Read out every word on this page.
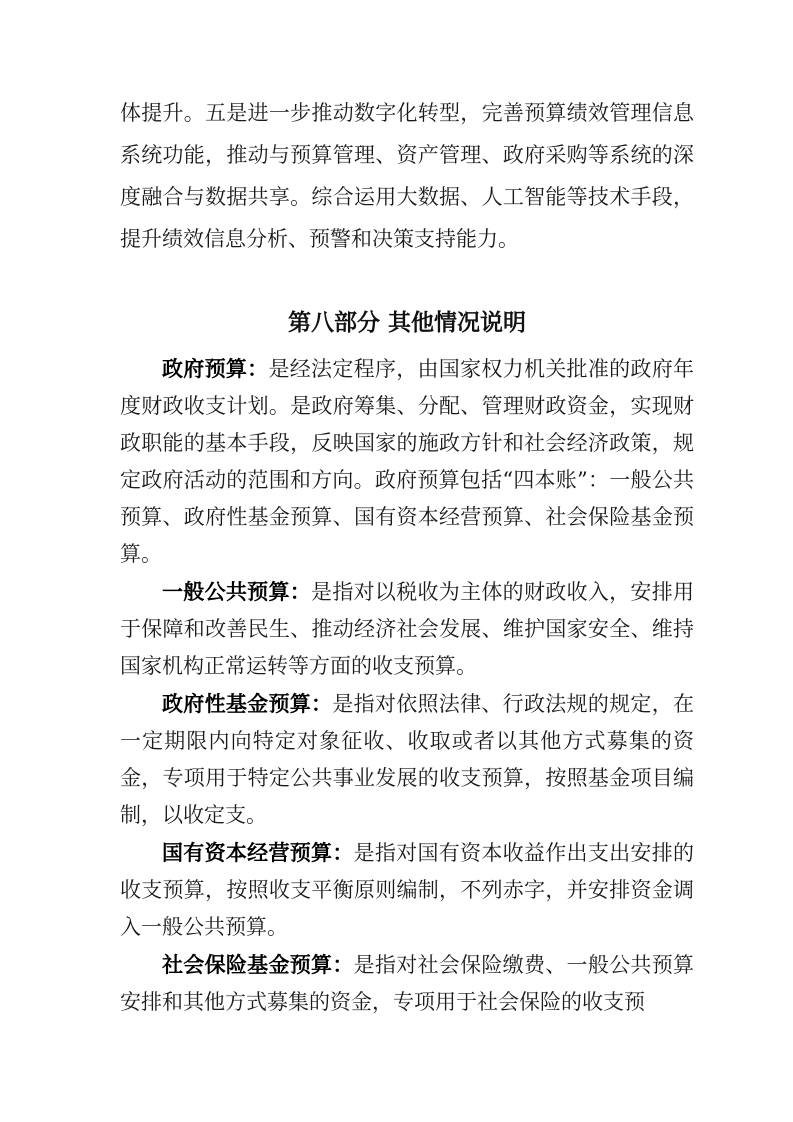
体提升。五是进一步推动数字化转型，完善预算绩效管理信息系统功能，推动与预算管理、资产管理、政府采购等系统的深度融合与数据共享。综合运用大数据、人工智能等技术手段，提升绩效信息分析、预警和决策支持能力。

第八部分 其他情况说明

政府预算：是经法定程序，由国家权力机关批准的政府年度财政收支计划。是政府筹集、分配、管理财政资金，实现财政职能的基本手段，反映国家的施政方针和社会经济政策，规定政府活动的范围和方向。政府预算包括“四本账”：一般公共预算、政府性基金预算、国有资本经营预算、社会保险基金预算。

一般公共预算：是指对以税收为主体的财政收入，安排用于保障和改善民生、推动经济社会发展、维护国家安全、维持国家机构正常运转等方面的收支预算。

政府性基金预算：是指对依照法律、行政法规的规定，在一定期限内向特定对象征收、收取或者以其他方式募集的资金，专项用于特定公共事业发展的收支预算，按照基金项目编制，以收定支。

国有资本经营预算：是指对国有资本收益作出支出安排的收支预算，按照收支平衡原则编制，不列赤字，并安排资金调入一般公共预算。

社会保险基金预算：是指对社会保险缴费、一般公共预算安排和其他方式募集的资金，专项用于社会保险的收支预
